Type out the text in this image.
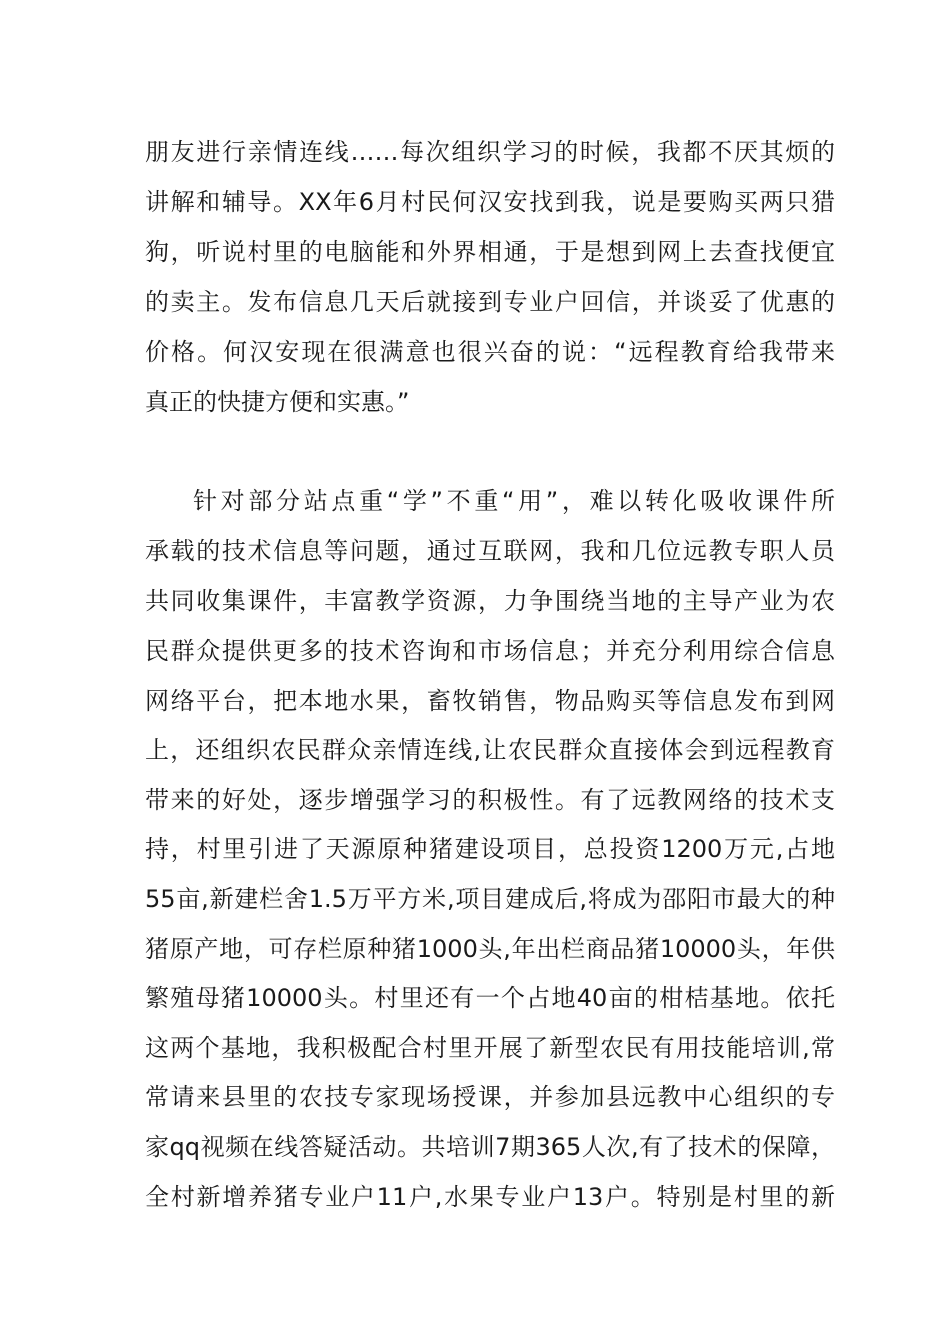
朋友进行亲情连线……每次组织学习的时候，我都不厌其烦的
讲解和辅导。XX年6月村民何汉安找到我，说是要购买两只猎
狗，听说村里的电脑能和外界相通，于是想到网上去查找便宜
的卖主。发布信息几天后就接到专业户回信，并谈妥了优惠的
价格。何汉安现在很满意也很兴奋的说：“远程教育给我带来
真正的快捷方便和实惠。”
针对部分站点重“学”不重“用”，难以转化吸收课件所
承载的技术信息等问题，通过互联网，我和几位远教专职人员
共同收集课件，丰富教学资源，力争围绕当地的主导产业为农
民群众提供更多的技术咨询和市场信息；并充分利用综合信息
网络平台，把本地水果，畜牧销售，物品购买等信息发布到网
上，还组织农民群众亲情连线,让农民群众直接体会到远程教育
带来的好处，逐步增强学习的积极性。有了远教网络的技术支
持，村里引进了天源原种猪建设项目，总投资1200万元,占地
55亩,新建栏舍1.5万平方米,项目建成后,将成为邵阳市最大的种
猪原产地，可存栏原种猪1000头,年出栏商品猪10000头，年供
繁殖母猪10000头。村里还有一个占地40亩的柑桔基地。依托
这两个基地，我积极配合村里开展了新型农民有用技能培训,常
常请来县里的农技专家现场授课，并参加县远教中心组织的专
家qq视频在线答疑活动。共培训7期365人次,有了技术的保障，
全村新增养猪专业户11户,水果专业户13户。特别是村里的新
